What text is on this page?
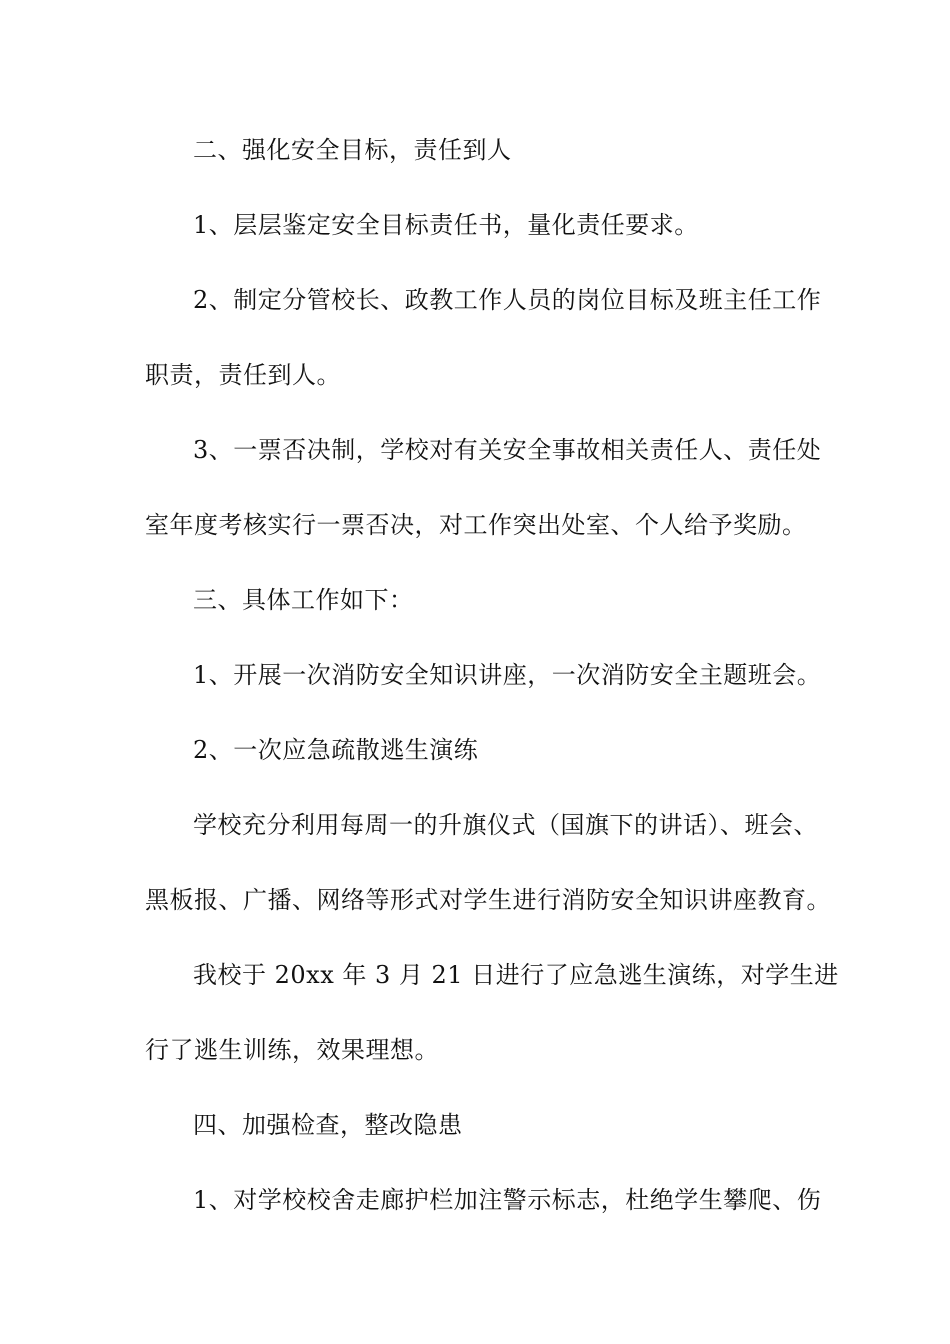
二、强化安全目标，责任到人
1、层层鉴定安全目标责任书，量化责任要求。
2、制定分管校长、政教工作人员的岗位目标及班主任工作
职责，责任到人。
3、一票否决制，学校对有关安全事故相关责任人、责任处
室年度考核实行一票否决，对工作突出处室、个人给予奖励。
三、具体工作如下：
1、开展一次消防安全知识讲座，一次消防安全主题班会。
2、一次应急疏散逃生演练
学校充分利用每周一的升旗仪式（国旗下的讲话）、班会、
黑板报、广播、网络等形式对学生进行消防安全知识讲座教育。
我校于 20xx 年 3 月 21 日进行了应急逃生演练，对学生进
行了逃生训练，效果理想。
四、加强检查，整改隐患
1、对学校校舍走廊护栏加注警示标志，杜绝学生攀爬、伤
